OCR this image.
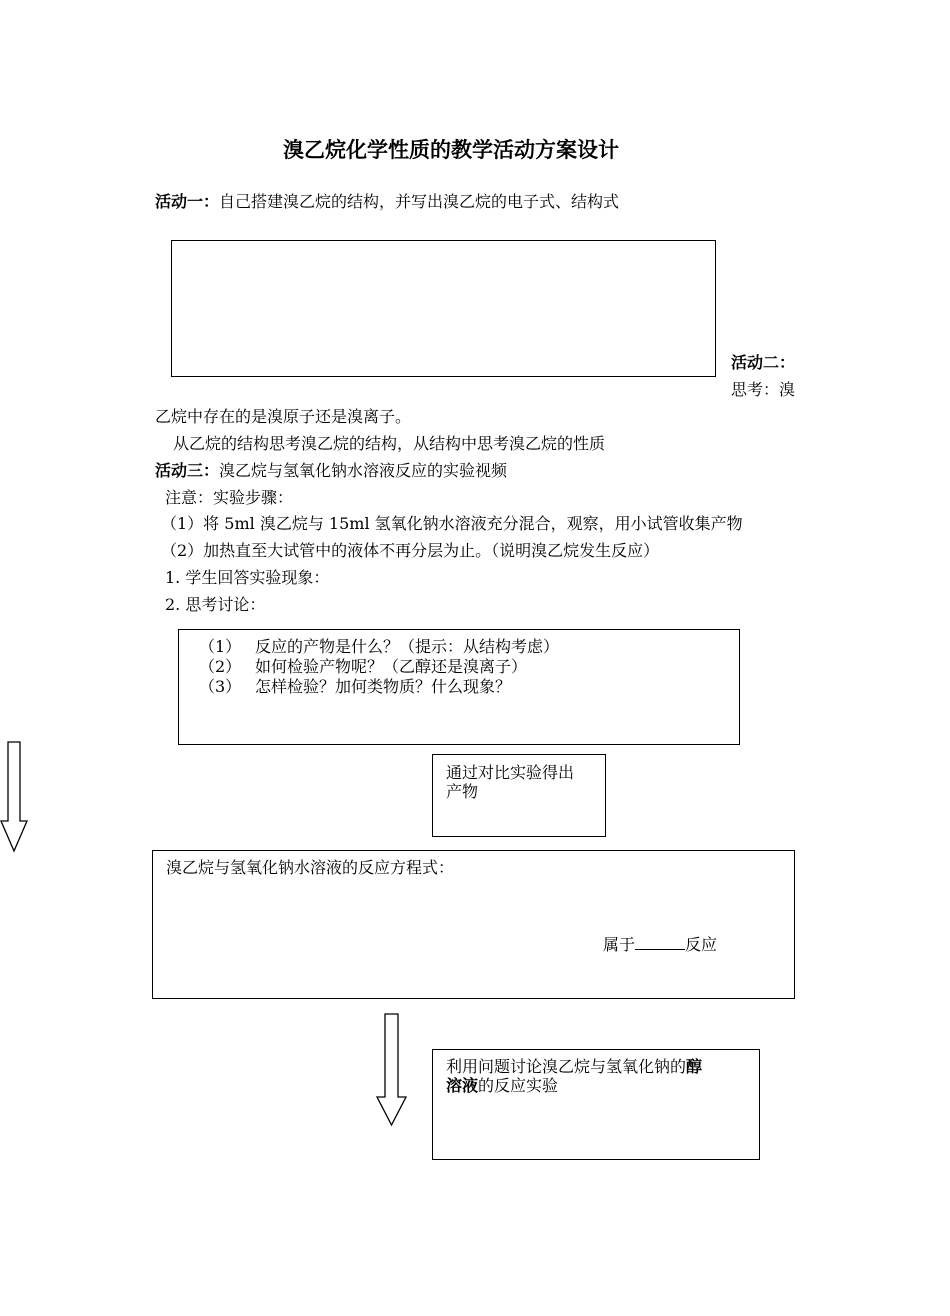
溴乙烷化学性质的教学活动方案设计
活动一：自己搭建溴乙烷的结构，并写出溴乙烷的电子式、结构式
活动二：
思考：溴
乙烷中存在的是溴原子还是溴离子。
从乙烷的结构思考溴乙烷的结构，从结构中思考溴乙烷的性质
活动三：溴乙烷与氢氧化钠水溶液反应的实验视频
注意：实验步骤：
（1）将 5ml 溴乙烷与 15ml 氢氧化钠水溶液充分混合，观察，用小试管收集产物
（2）加热直至大试管中的液体不再分层为止。（说明溴乙烷发生反应）
1. 学生回答实验现象：
2. 思考讨论：
（1） 反应的产物是什么？（提示：从结构考虑）
（2） 如何检验产物呢？（乙醇还是溴离子）
（3） 怎样检验？加何类物质？什么现象？
通过对比实验得出
产物
溴乙烷与氢氧化钠水溶液的反应方程式：
属于	反应
利用问题讨论溴乙烷与氢氧化钠的醇
溶液的反应实验
